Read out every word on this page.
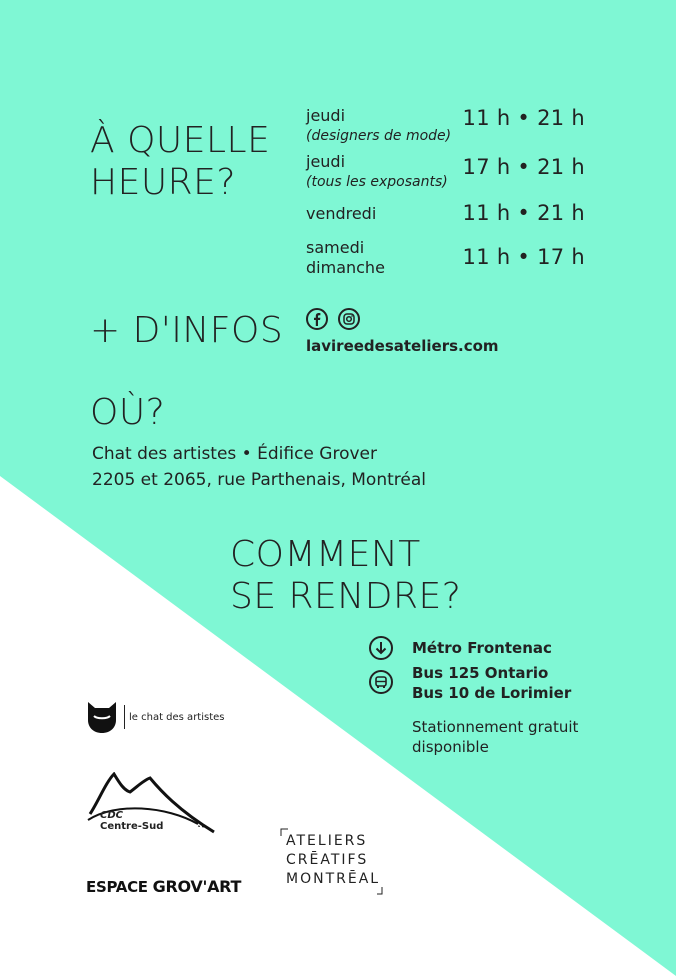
À QUELLE
HEURE?
jeudi
(designers de mode)
11 h • 21 h
jeudi
(tous les exposants)
17 h • 21 h
vendredi	11 h • 21 h
samedi
dimanche	11 h • 17 h
+ D'INFOS lavireedesateliers.com
OÙ?
Chat des artistes • Édifice Grover
2205 et 2065, rue Parthenais, Montréal
COMMENT
SE RENDRE?
Métro Frontenac
Bus 125 Ontario
Bus 10 de Lorimier
Stationnement gratuit
disponible
le chat des artistes
CDC
Centre-Sud
ESPACE GROV'ART
ATELIERS
CRĒATIFS
MONTRĒAL
